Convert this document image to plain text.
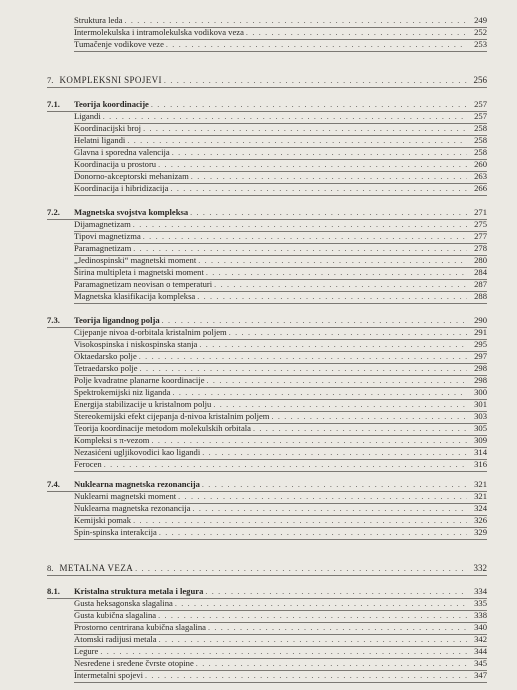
Struktura leda . . .	249
Intermolekulska i intramolekulska vodikova veza . . .	252
Tumačenje vodikove veze . . .	253
7. KOMPLEKSNI SPOJEVI . . .	256
7.1. Teorija koordinacije . . .	257
Ligandi . . .	257
Koordinacijski broj . . .	258
Helatni ligandi . . .	258
Glavna i sporedna valencija . . .	258
Koordinacija u prostoru . . .	260
Donorno-akceptorski mehanizam . . .	263
Koordinacija i hibridizacija . . .	266
7.2. Magnetska svojstva kompleksa . . .	271
Dijamagnetizam . . .	275
Tipovi magnetizma . . .	277
Paramagnetizam . . .	278
„Jedinospinski“ magnetski moment . . .	280
Širina multipleta i magnetski moment . . .	284
Paramagnetizam neovisan o temperaturi . . .	287
Magnetska klasifikacija kompleksa . . .	288
7.3. Teorija ligandnog polja . . .	290
Cijepanje nivoa d-orbitala kristalnim poljem . . .	291
Visokospinska i niskospinska stanja . . .	295
Oktaedarsko polje . . .	297
Tetraedarsko polje . . .	298
Polje kvadratne planarne koordinacije . . .	298
Spektrokemijski niz liganda . . .	300
Energija stabilizacije u kristalnom polju . . .	301
Stereokemijski efekt cijepanja d-nivoa kristalnim poljem . . .	303
Teorija koordinacije metodom molekulskih orbitala . . .	305
Kompleksi s π-vezom . . .	309
Nezasićeni ugljikovodici kao ligandi . . .	314
Ferocen . . .	316
7.4. Nuklearna magnetska rezonancija . . .	321
Nuklearni magnetski moment . . .	321
Nuklearna magnetska rezonancija . . .	324
Kemijski pomak . . .	326
Spin-spinska interakcija . . .	329
8. METALNA VEZA . . .	332
8.1. Kristalna struktura metala i legura . . .	334
Gusta heksagonska slagalina . . .	335
Gusta kubična slagalina . . .	338
Prostorno centrirana kubična slagalina . . .	340
Atomski radijusi metala . . .	342
Legure . . .	344
Nesređene i sređene čvrste otopine . . .	345
Intermetalni spojevi . . .	347
